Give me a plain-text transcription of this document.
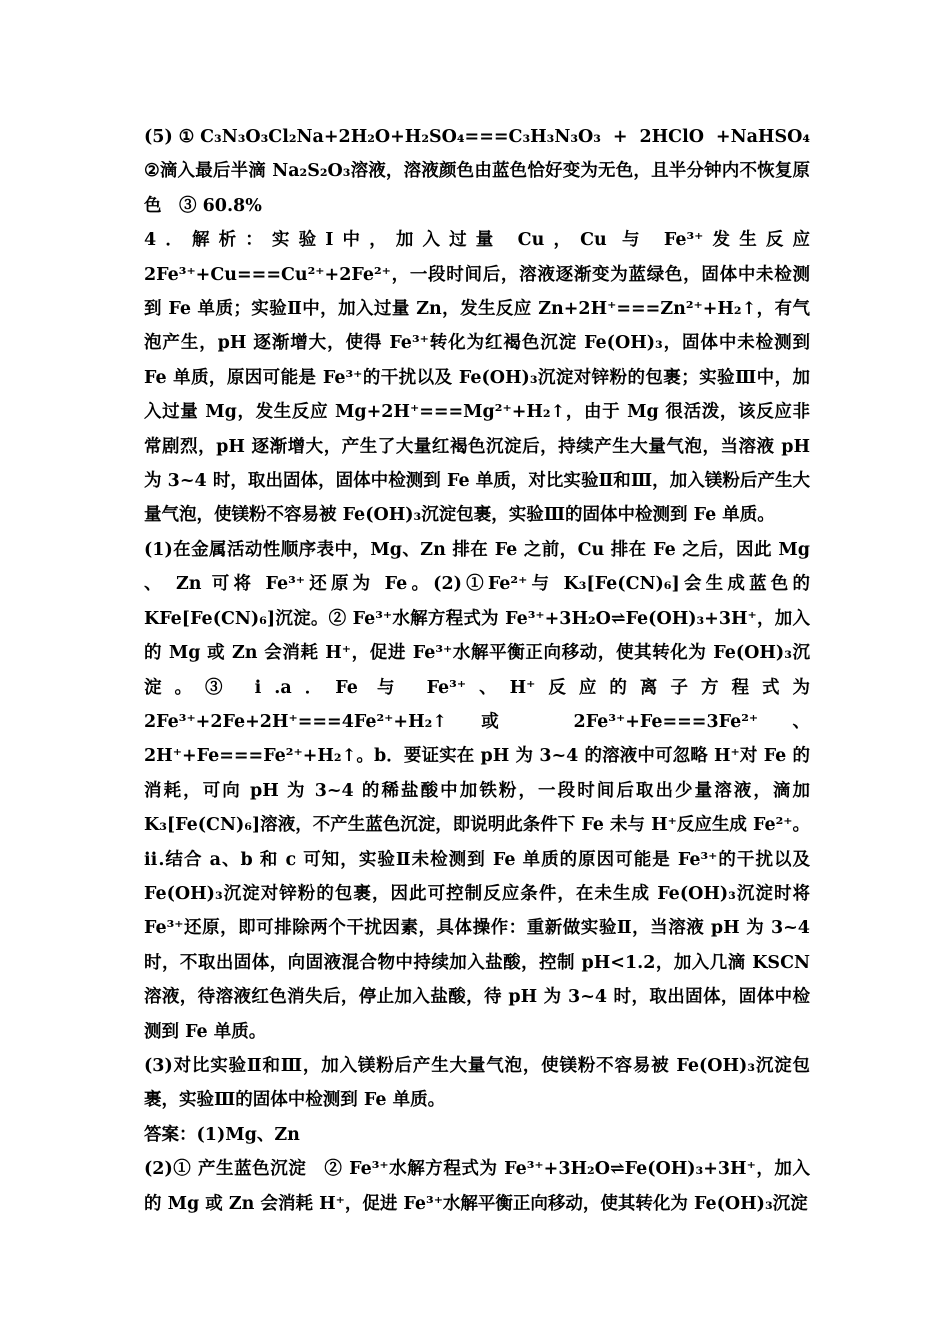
(5)①C₃N₃O₃Cl₂Na+2H₂O+H₂SO₄===C₃H₃N₃O₃ + 2HClO +NaHSO₄　②滴入最后半滴 Na₂S₂O₃溶液，溶液颜色由蓝色恰好变为无色，且半分钟内不恢复原色　③ 60.8%

4．解析：实验Ⅰ中，加入过量 Cu，Cu 与 Fe³⁺发生反应 2Fe³⁺+Cu===Cu²⁺+2Fe²⁺，一段时间后，溶液逐渐变为蓝绿色，固体中未检测到 Fe 单质；实验Ⅱ中，加入过量 Zn，发生反应 Zn+2H⁺===Zn²⁺+H₂↑，有气泡产生，pH 逐渐增大，使得 Fe³⁺转化为红褐色沉淀 Fe(OH)₃，固体中未检测到 Fe 单质，原因可能是 Fe³⁺的干扰以及 Fe(OH)₃沉淀对锌粉的包裹；实验Ⅲ中，加入过量 Mg，发生反应 Mg+2H⁺===Mg²⁺+H₂↑，由于 Mg 很活泼，该反应非常剧烈，pH 逐渐增大，产生了大量红褐色沉淀后，持续产生大量气泡，当溶液 pH 为 3~4 时，取出固体，固体中检测到 Fe 单质，对比实验Ⅱ和Ⅲ，加入镁粉后产生大量气泡，使镁粉不容易被 Fe(OH)₃沉淀包裹，实验Ⅲ的固体中检测到 Fe 单质。

(1)在金属活动性顺序表中，Mg、Zn 排在 Fe 之前，Cu 排在 Fe 之后，因此 Mg 、 Zn 可将 Fe³⁺还原为 Fe。(2)①Fe²⁺与 K₃[Fe(CN)₆]会生成蓝色的 KFe[Fe(CN)₆]沉淀。② Fe³⁺水解方程式为 Fe³⁺+3H₂O⇌Fe(OH)₃+3H⁺，加入的 Mg 或 Zn 会消耗 H⁺，促进 Fe³⁺水解平衡正向移动，使其转化为 Fe(OH)₃沉淀。③ ⅰ.a．Fe 与 Fe³⁺、H⁺反应的离子方程式为 2Fe³⁺+2Fe+2H⁺===4Fe²⁺+H₂↑或 2Fe³⁺+Fe===3Fe²⁺、2H⁺+Fe===Fe²⁺+H₂↑。b．要证实在 pH 为 3~4 的溶液中可忽略 H⁺对 Fe 的消耗，可向 pH 为 3~4 的稀盐酸中加铁粉，一段时间后取出少量溶液，滴加 K₃[Fe(CN)₆]溶液，不产生蓝色沉淀，即说明此条件下 Fe 未与 H⁺反应生成 Fe²⁺。ⅱ.结合 a、b 和 c 可知，实验Ⅱ未检测到 Fe 单质的原因可能是 Fe³⁺的干扰以及 Fe(OH)₃沉淀对锌粉的包裹，因此可控制反应条件，在未生成 Fe(OH)₃沉淀时将 Fe³⁺还原，即可排除两个干扰因素，具体操作：重新做实验Ⅱ，当溶液 pH 为 3~4 时，不取出固体，向固液混合物中持续加入盐酸，控制 pH<1.2，加入几滴 KSCN 溶液，待溶液红色消失后，停止加入盐酸，待 pH 为 3~4 时，取出固体，固体中检测到 Fe 单质。

(3)对比实验Ⅱ和Ⅲ，加入镁粉后产生大量气泡，使镁粉不容易被 Fe(OH)₃沉淀包裹，实验Ⅲ的固体中检测到 Fe 单质。

答案：(1)Mg、Zn

(2)① 产生蓝色沉淀　② Fe³⁺水解方程式为 Fe³⁺+3H₂O⇌Fe(OH)₃+3H⁺，加入的 Mg 或 Zn 会消耗 H⁺，促进 Fe³⁺水解平衡正向移动，使其转化为 Fe(OH)₃沉淀
